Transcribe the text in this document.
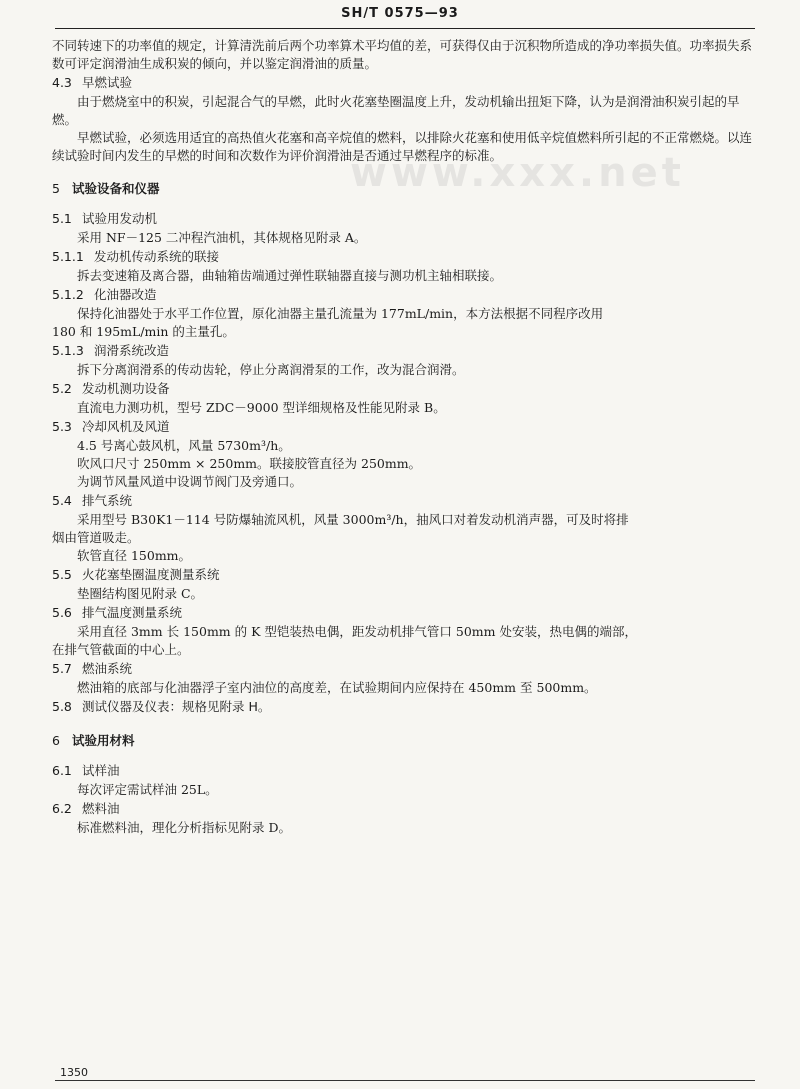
SH/T 0575—93
www.xxx.net

不同转速下的功率值的规定，计算清洗前后两个功率算术平均值的差，可获得仅由于沉积物所造成的净功率损失值。功率损失系数可评定润滑油生成积炭的倾向，并以鉴定润滑油的质量。

4.3 早燃试验

由于燃烧室中的积炭，引起混合气的早燃，此时火花塞垫圈温度上升，发动机输出扭矩下降，认为是润滑油积炭引起的早燃。

早燃试验，必须选用适宜的高热值火花塞和高辛烷值的燃料，以排除火花塞和使用低辛烷值燃料所引起的不正常燃烧。以连续试验时间内发生的早燃的时间和次数作为评价润滑油是否通过早燃程序的标准。

5 试验设备和仪器
5.1 试验用发动机

采用 NF－125 二冲程汽油机，其体规格见附录 A。

5.1.1 发动机传动系统的联接

拆去变速箱及离合器，曲轴箱齿端通过弹性联轴器直接与测功机主轴相联接。

5.1.2 化油器改造

保持化油器处于水平工作位置，原化油器主量孔流量为 177mL/min，本方法根据不同程序改用

180 和 195mL/min 的主量孔。

5.1.3 润滑系统改造

拆下分离润滑系的传动齿轮，停止分离润滑泵的工作，改为混合润滑。

5.2 发动机测功设备

直流电力测功机，型号 ZDC－9000 型详细规格及性能见附录 B。

5.3 冷却风机及风道

4.5 号离心鼓风机，风量 5730m³/h。

吹风口尺寸 250mm × 250mm。联接胶管直径为 250mm。

为调节风量风道中设调节阀门及旁通口。

5.4 排气系统

采用型号 B30K1－114 号防爆轴流风机，风量 3000m³/h，抽风口对着发动机消声器，可及时将排

烟由管道吸走。

软管直径 150mm。

5.5 火花塞垫圈温度测量系统

垫圈结构图见附录 C。

5.6 排气温度测量系统

采用直径 3mm 长 150mm 的 K 型铠装热电偶，距发动机排气管口 50mm 处安装，热电偶的端部，

在排气管截面的中心上。

5.7 燃油系统

燃油箱的底部与化油器浮子室内油位的高度差，在试验期间内应保持在 450mm 至 500mm。

5.8 测试仪器及仪表：规格见附录 H。
6 试验用材料
6.1 试样油

每次评定需试样油 25L。

6.2 燃料油

标准燃料油，理化分析指标见附录 D。

1350
